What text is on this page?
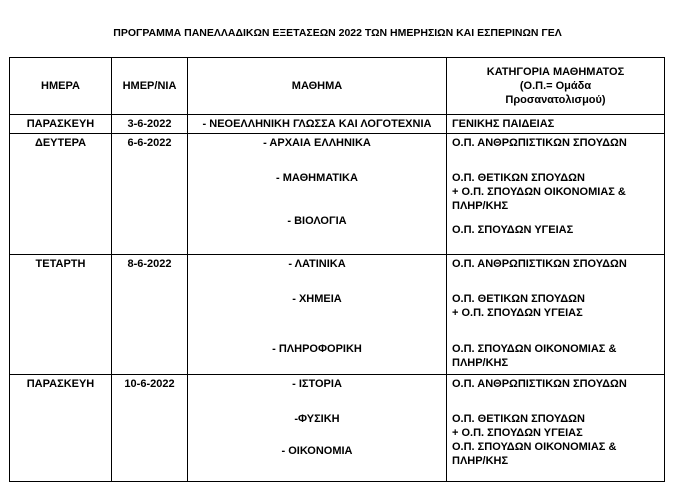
ΠΡΟΓΡΑΜΜΑ ΠΑΝΕΛΛΑΔΙΚΩΝ ΕΞΕΤΑΣΕΩΝ 2022 ΤΩΝ ΗΜΕΡΗΣΙΩΝ ΚΑΙ ΕΣΠΕΡΙΝΩΝ ΓΕΛ
ΗΜΕΡΑ	ΗΜΕΡ/ΝΙΑ	ΜΑΘΗΜΑ	ΚΑΤΗΓΟΡΙΑ ΜΑΘΗΜΑΤΟΣ
(Ο.Π.= Ομάδα
Προσανατολισμού)

ΠΑΡΑΣΚΕΥΗ	3-6-2022	- ΝΕΟΕΛΛΗΝΙΚΗ ΓΛΩΣΣΑ ΚΑΙ ΛΟΓΟΤΕΧΝΙΑ	ΓΕΝΙΚΗΣ ΠΑΙΔΕΙΑΣ

ΔΕΥΤΕΡΑ	6-6-2022	- ΑΡΧΑΙΑ ΕΛΛΗΝΙΚΑ
- ΜΑΘΗΜΑΤΙΚΑ
- ΒΙΟΛΟΓΙΑ	Ο.Π. ΑΝΘΡΩΠΙΣΤΙΚΩΝ ΣΠΟΥΔΩΝ
Ο.Π. ΘΕΤΙΚΩΝ ΣΠΟΥΔΩΝ
+ Ο.Π. ΣΠΟΥΔΩΝ ΟΙΚΟΝΟΜΙΑΣ &
ΠΛΗΡ/ΚΗΣ
Ο.Π. ΣΠΟΥΔΩΝ ΥΓΕΙΑΣ

ΤΕΤΑΡΤΗ	8-6-2022	- ΛΑΤΙΝΙΚΑ
- ΧΗΜΕΙΑ
- ΠΛΗΡΟΦΟΡΙΚΗ	Ο.Π. ΑΝΘΡΩΠΙΣΤΙΚΩΝ ΣΠΟΥΔΩΝ
Ο.Π. ΘΕΤΙΚΩΝ ΣΠΟΥΔΩΝ
+ Ο.Π. ΣΠΟΥΔΩΝ ΥΓΕΙΑΣ
Ο.Π. ΣΠΟΥΔΩΝ ΟΙΚΟΝΟΜΙΑΣ &
ΠΛΗΡ/ΚΗΣ

ΠΑΡΑΣΚΕΥΗ	10-6-2022	- ΙΣΤΟΡΙΑ
-ΦΥΣΙΚΗ
- ΟΙΚΟΝΟΜΙΑ	Ο.Π. ΑΝΘΡΩΠΙΣΤΙΚΩΝ ΣΠΟΥΔΩΝ
Ο.Π. ΘΕΤΙΚΩΝ ΣΠΟΥΔΩΝ
+ Ο.Π. ΣΠΟΥΔΩΝ ΥΓΕΙΑΣ
Ο.Π. ΣΠΟΥΔΩΝ ΟΙΚΟΝΟΜΙΑΣ &
ΠΛΗΡ/ΚΗΣ
